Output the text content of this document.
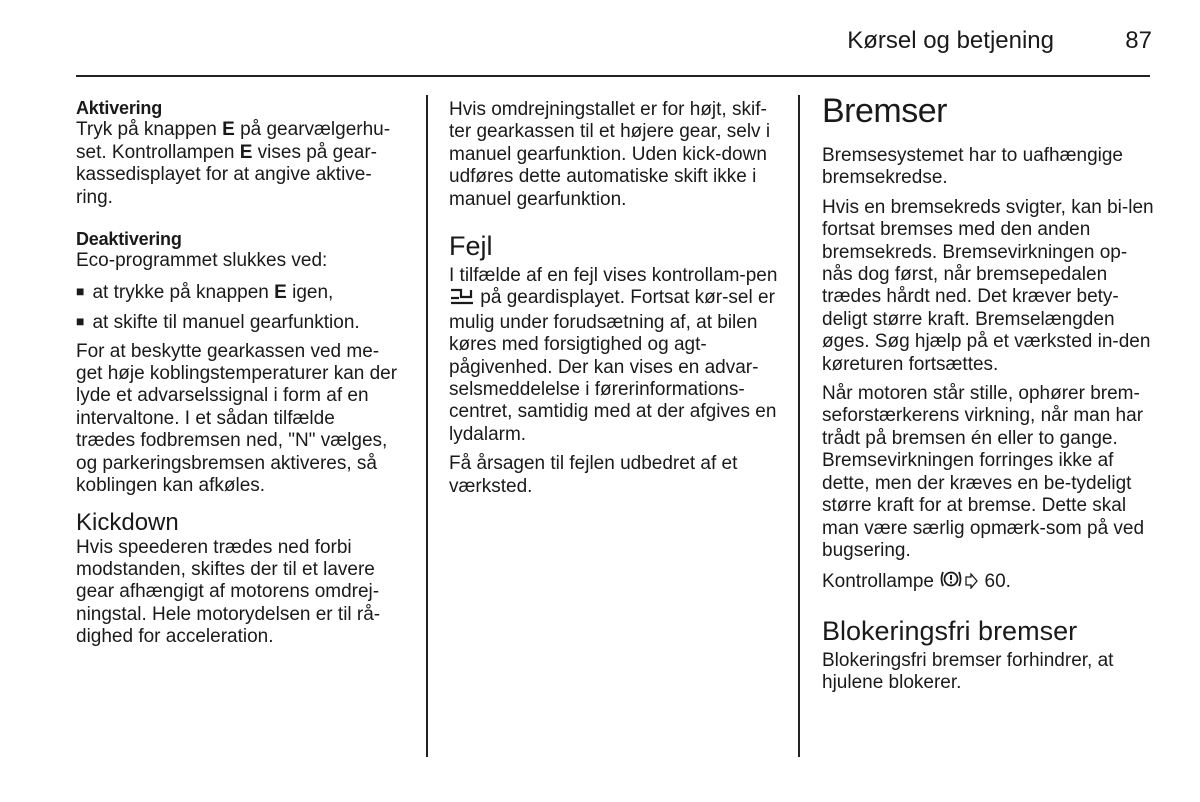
Kørsel og betjening	87

Aktivering

Tryk på knappen E på gearvælgerhu-set. Kontrollampen E vises på gear-kassedisplayet for at angive aktive-ring.

Deaktivering

Eco-programmet slukkes ved:

■ at trykke på knappen E igen,

■ at skifte til manuel gearfunktion.

For at beskytte gearkassen ved me-get høje koblingstemperaturer kan der lyde et advarselssignal i form af en intervaltone. I et sådan tilfælde trædes fodbremsen ned, "N" vælges, og parkeringsbremsen aktiveres, så koblingen kan afkøles.

Kickdown

Hvis speederen trædes ned forbi modstanden, skiftes der til et lavere gear afhængigt af motorens omdrej-ningstal. Hele motorydelsen er til rå-dighed for acceleration.

Hvis omdrejningstallet er for højt, skif-ter gearkassen til et højere gear, selv i manuel gearfunktion. Uden kick-down udføres dette automatiske skift ikke i manuel gearfunktion.

Fejl

I tilfælde af en fejl vises kontrollam-pen  på geardisplayet. Fortsat kør-sel er mulig under forudsætning af, at bilen køres med forsigtighed og agt-pågivenhed. Der kan vises en advar-selsmeddelelse i førerinformations-centret, samtidig med at der afgives en lydalarm.

Få årsagen til fejlen udbedret af et værksted.

Bremser

Bremsesystemet har to uafhængige bremsekredse.

Hvis en bremsekreds svigter, kan bi-len fortsat bremses med den anden bremsekreds. Bremsevirkningen op-nås dog først, når bremsepedalen trædes hårdt ned. Det kræver bety-deligt større kraft. Bremselængden øges. Søg hjælp på et værksted in-den køreturen fortsættes.

Når motoren står stille, ophører brem-seforstærkerens virkning, når man har trådt på bremsen én eller to gange. Bremsevirkningen forringes ikke af dette, men der kræves en be-tydeligt større kraft for at bremse. Dette skal man være særlig opmærk-som på ved bugsering.

Kontrollampe  60.

Blokeringsfri bremser

Blokeringsfri bremser forhindrer, at hjulene blokerer.
